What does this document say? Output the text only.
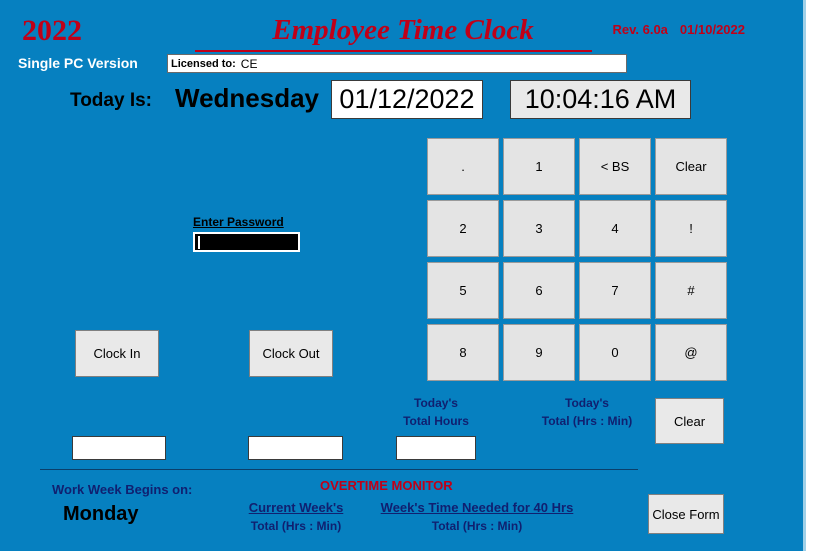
2022	Employee Time Clock	Rev. 6.0a 01/10/2022
Single PC Version	Licensed to: CE
Today Is: Wednesday 01/12/2022	10:04:16 AM
Enter Password
Clock In	Clock Out
.	1	< BS	Clear
2	3	4	!
5	6	7	#
8	9	0	@
Today's
Total Hours
Today's
Total (Hrs : Min)	Clear
OVERTIME MONITOR
Work Week Begins on:
Monday	Current Week's
Total (Hrs : Min)
Week's Time Needed for 40 Hrs
Total (Hrs : Min)
Close Form
